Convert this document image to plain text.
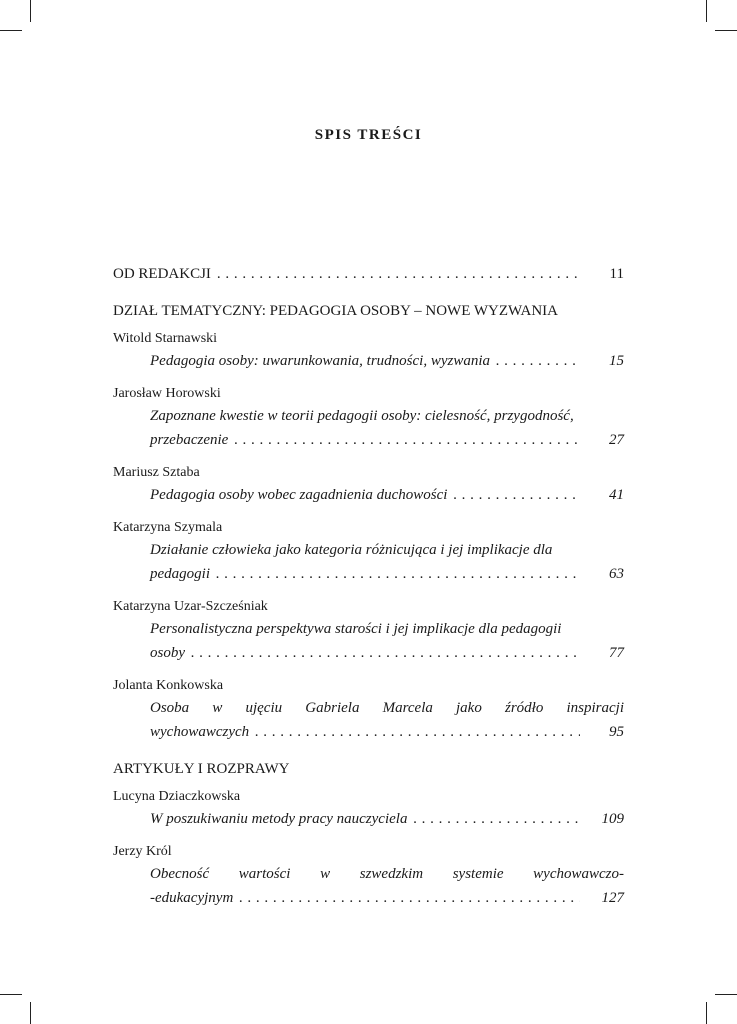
SPIS TREŚCI
OD REDAKCJI . . .	11
DZIAŁ TEMATYCZNY: PEDAGOGIA OSOBY – NOWE WYZWANIA
Witold Starnawski
Pedagogia osoby: uwarunkowania, trudności, wyzwania . . .	15
Jarosław Horowski
Zapoznane kwestie w teorii pedagogii osoby: cielesność, przygodność,
przebaczenie . . .	27
Mariusz Sztaba
Pedagogia osoby wobec zagadnienia duchowości . . .	41
Katarzyna Szymala
Działanie człowieka jako kategoria różnicująca i jej implikacje dla
pedagogii . . .	63
Katarzyna Uzar-Szcześniak
Personalistyczna perspektywa starości i jej implikacje dla pedagogii
osoby . . .	77
Jolanta Konkowska
Osoba w ujęciu Gabriela Marcela jako źródło inspiracji
wychowawczych . . .	95
ARTYKUŁY I ROZPRAWY
Lucyna Dziaczkowska
W poszukiwaniu metody pracy nauczyciela . . .	109
Jerzy Król
Obecność wartości w szwedzkim systemie wychowawczo-
-edukacyjnym . . .	127
